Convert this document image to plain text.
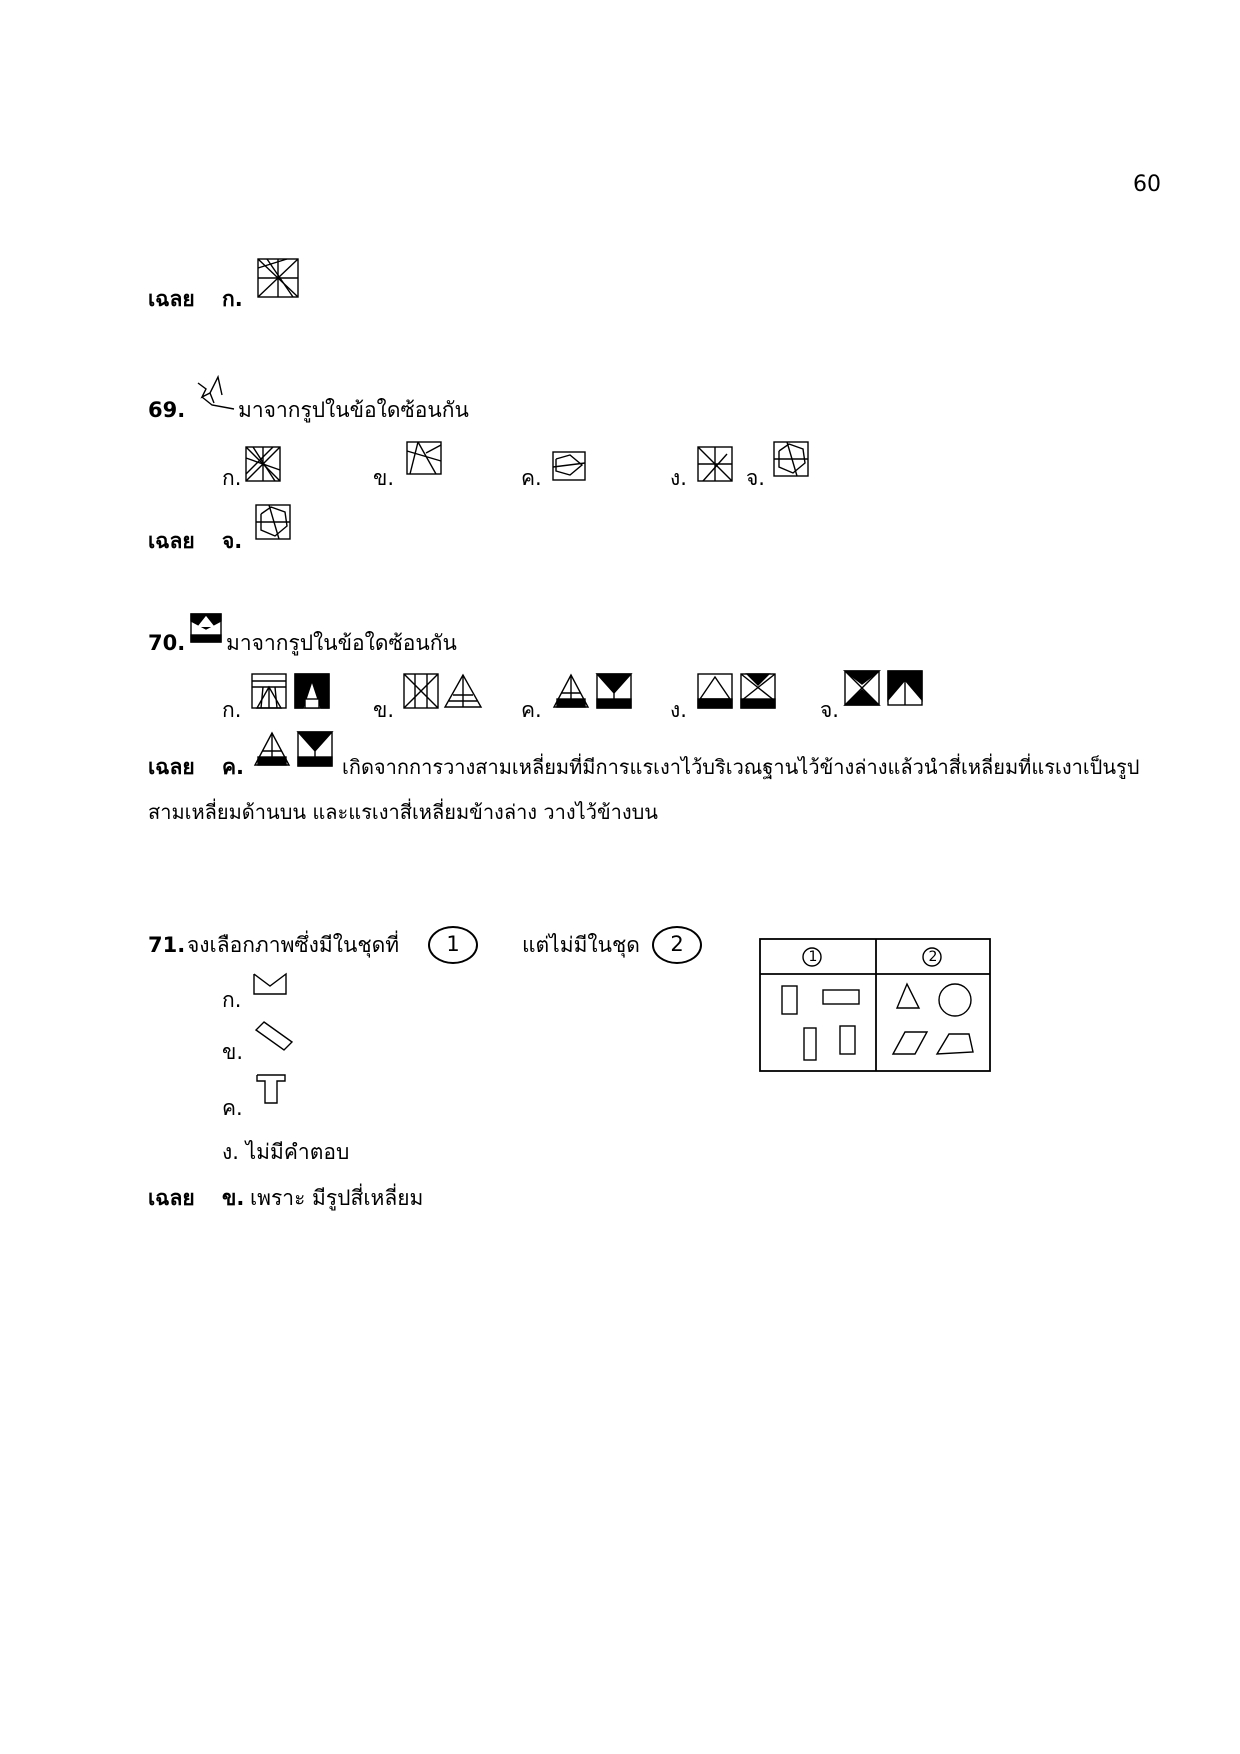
60
เฉลย ก.
69.	มาจากรูปในข้อใดซ้อนกัน
ก.	ข.	ค.	ง.	จ.
เฉลย จ.
70. มาจากรูปในข้อใดซ้อนกัน
ก.	ข.	ค.	ง.	จ.
เฉลย ค.	เกิดจากการวางสามเหลี่ยมที่มีการแรเงาไว้บริเวณฐานไว้ข้างล่างแล้วนำสี่เหลี่ยมที่แรเงาเป็นรูป
สามเหลี่ยมด้านบน และแรเงาสี่เหลี่ยมข้างล่าง วางไว้ข้างบน
71. จงเลือกภาพซึ่งมีในชุดที่	1	แต่ไม่มีในชุด	2
1	2
ก.
ข.
ค.
ง. ไม่มีคำตอบ
เฉลย ข. เพราะ มีรูปสี่เหลี่ยม
